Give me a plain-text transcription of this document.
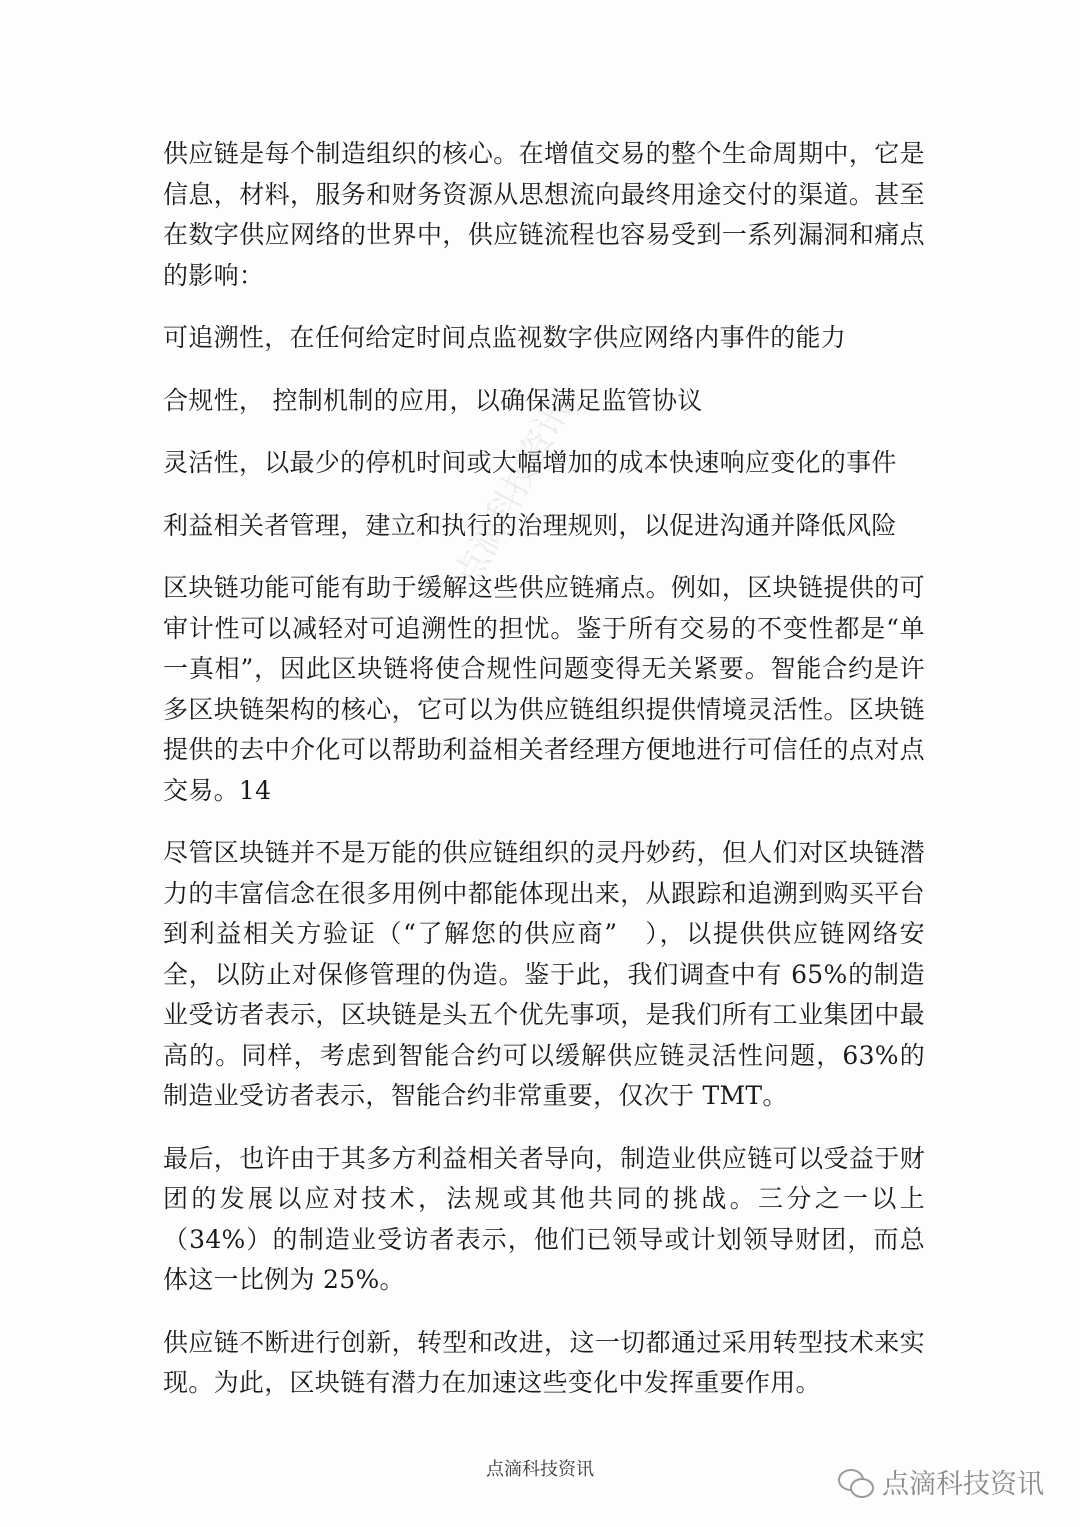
点滴科技资讯

供应链是每个制造组织的核心。在增值交易的整个生命周期中，它是信息，材料，服务和财务资源从思想流向最终用途交付的渠道。甚至在数字供应网络的世界中，供应链流程也容易受到一系列漏洞和痛点的影响：

可追溯性，在任何给定时间点监视数字供应网络内事件的能力

合规性， 控制机制的应用，以确保满足监管协议

灵活性，以最少的停机时间或大幅增加的成本快速响应变化的事件

利益相关者管理，建立和执行的治理规则，以促进沟通并降低风险

区块链功能可能有助于缓解这些供应链痛点。例如，区块链提供的可审计性可以减轻对可追溯性的担忧。鉴于所有交易的不变性都是“单一真相”，因此区块链将使合规性问题变得无关紧要。智能合约是许多区块链架构的核心，它可以为供应链组织提供情境灵活性。区块链提供的去中介化可以帮助利益相关者经理方便地进行可信任的点对点交易。14

尽管区块链并不是万能的供应链组织的灵丹妙药，但人们对区块链潜力的丰富信念在很多用例中都能体现出来，从跟踪和追溯到购买平台到利益相关方验证（“了解您的供应商”　），以提供供应链网络安全，以防止对保修管理的伪造。鉴于此，我们调查中有 65%的制造业受访者表示，区块链是头五个优先事项，是我们所有工业集团中最高的。同样，考虑到智能合约可以缓解供应链灵活性问题，63%的制造业受访者表示，智能合约非常重要，仅次于 TMT。

最后，也许由于其多方利益相关者导向，制造业供应链可以受益于财团的发展以应对技术，法规或其他共同的挑战。三分之一以上（34%）的制造业受访者表示，他们已领导或计划领导财团，而总体这一比例为 25%。

供应链不断进行创新，转型和改进，这一切都通过采用转型技术来实现。为此，区块链有潜力在加速这些变化中发挥重要作用。

点滴科技资讯	点滴科技资讯
